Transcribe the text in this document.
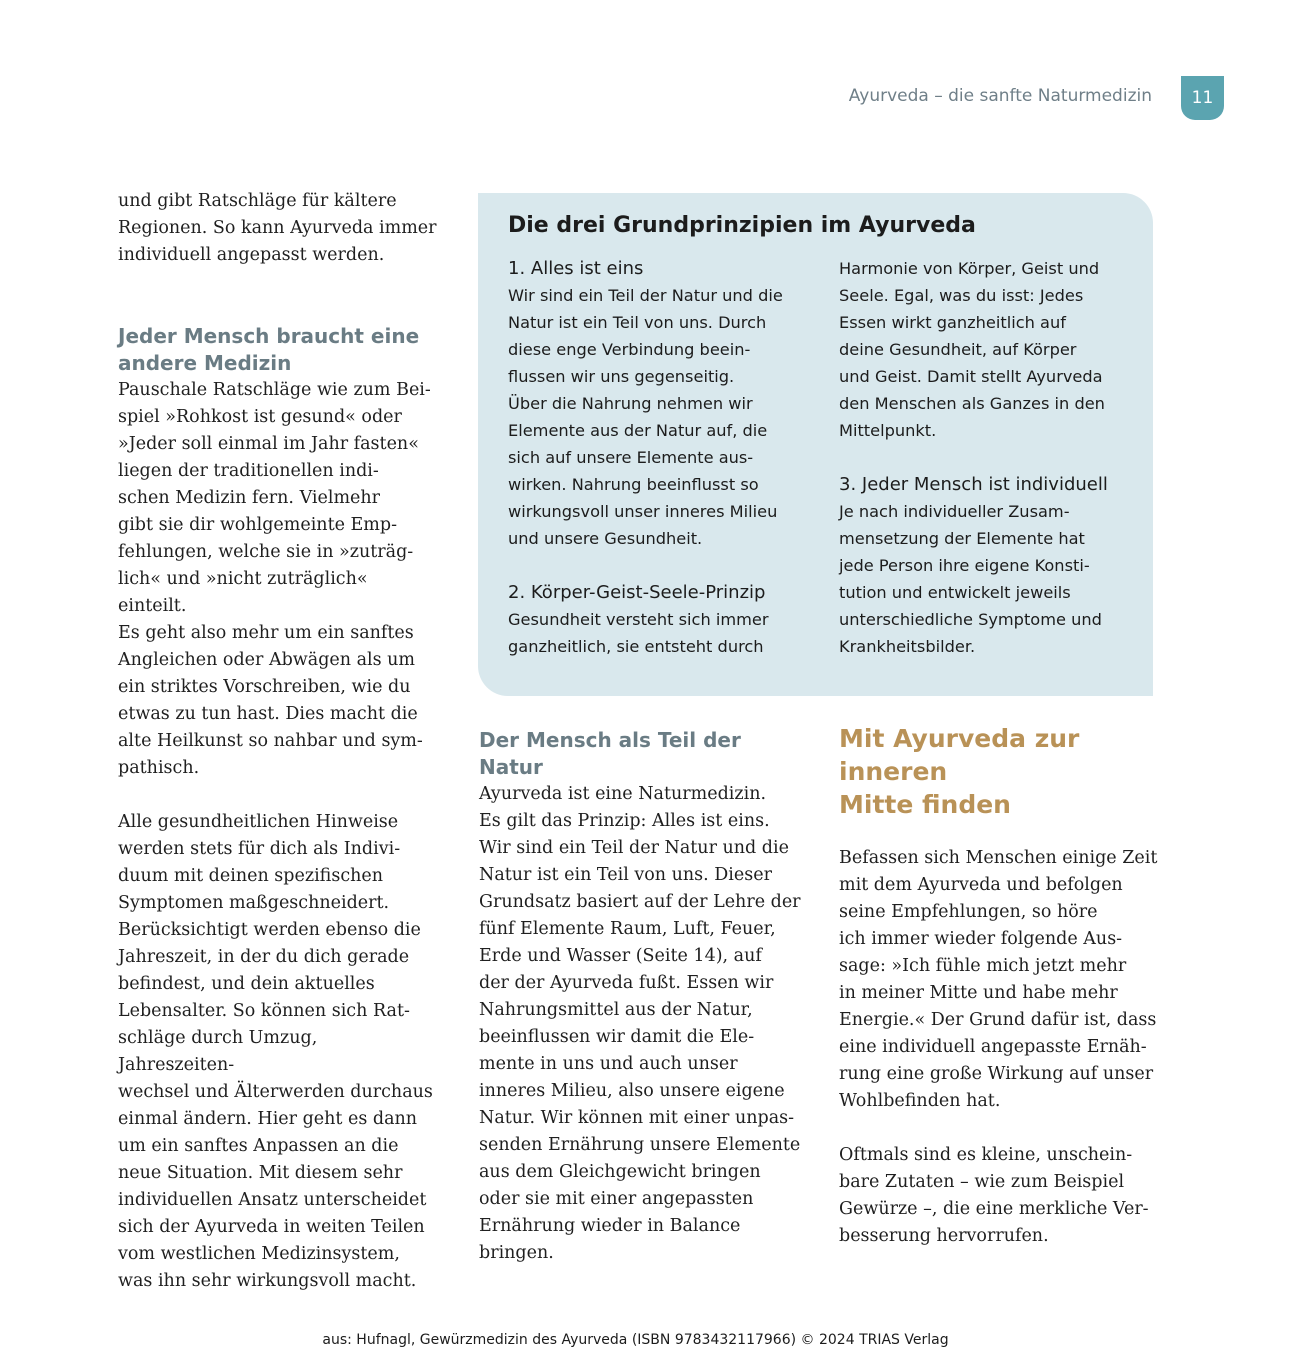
Ayurveda – die sanfte Naturmedizin	11

und gibt Ratschläge für kältere
Regionen. So kann Ayurveda immer
individuell angepasst werden.

Jeder Mensch braucht eine
andere Medizin

Pauschale Ratschläge wie zum Bei-
spiel »Rohkost ist gesund« oder
»Jeder soll einmal im Jahr fasten«
liegen der traditionellen indi-
schen Medizin fern. Vielmehr
gibt sie dir wohlgemeinte Emp-
fehlungen, welche sie in »zuträg-
lich« und »nicht zuträglich« einteilt.
Es geht also mehr um ein sanftes
Angleichen oder Abwägen als um
ein striktes Vorschreiben, wie du
etwas zu tun hast. Dies macht die
alte Heilkunst so nahbar und sym-
pathisch.

Alle gesundheitlichen Hinweise
werden stets für dich als Indivi-
duum mit deinen spezifischen
Symptomen maßgeschneidert.
Berücksichtigt werden ebenso die
Jahreszeit, in der du dich gerade
befindest, und dein aktuelles
Lebensalter. So können sich Rat-
schläge durch Umzug, Jahreszeiten-
wechsel und Älterwerden durchaus
einmal ändern. Hier geht es dann
um ein sanftes Anpassen an die
neue Situation. Mit diesem sehr
individuellen Ansatz unterscheidet
sich der Ayurveda in weiten Teilen
vom westlichen Medizinsystem,
was ihn sehr wirkungsvoll macht.

Die drei Grundprinzipien im Ayurveda

1. Alles ist eins

Wir sind ein Teil der Natur und die
Natur ist ein Teil von uns. Durch
diese enge Verbindung beein-
flussen wir uns gegenseitig.
Über die Nahrung nehmen wir
Elemente aus der Natur auf, die
sich auf unsere Elemente aus-
wirken. Nahrung beeinflusst so
wirkungsvoll unser inneres Milieu
und unsere Gesundheit.

2. Körper-Geist-Seele-Prinzip

Gesundheit versteht sich immer
ganzheitlich, sie entsteht durch

Harmonie von Körper, Geist und
Seele. Egal, was du isst: Jedes
Essen wirkt ganzheitlich auf
deine Gesundheit, auf Körper
und Geist. Damit stellt Ayurveda
den Menschen als Ganzes in den
Mittelpunkt.

3. Jeder Mensch ist individuell

Je nach individueller Zusam-
mensetzung der Elemente hat
jede Person ihre eigene Konsti-
tution und entwickelt jeweils
unterschiedliche Symptome und
Krankheitsbilder.

Der Mensch als Teil der Natur

Ayurveda ist eine Naturmedizin.
Es gilt das Prinzip: Alles ist eins.
Wir sind ein Teil der Natur und die
Natur ist ein Teil von uns. Dieser
Grundsatz basiert auf der Lehre der
fünf Elemente Raum, Luft, Feuer,
Erde und Wasser (Seite 14), auf
der der Ayurveda fußt. Essen wir
Nahrungsmittel aus der Natur,
beeinflussen wir damit die Ele-
mente in uns und auch unser
inneres Milieu, also unsere eigene
Natur. Wir können mit einer unpas-
senden Ernährung unsere Elemente
aus dem Gleichgewicht bringen
oder sie mit einer angepassten
Ernährung wieder in Balance
bringen.

Mit Ayurveda zur inneren
Mitte finden

Befassen sich Menschen einige Zeit
mit dem Ayurveda und befolgen
seine Empfehlungen, so höre
ich immer wieder folgende Aus-
sage: »Ich fühle mich jetzt mehr
in meiner Mitte und habe mehr
Energie.« Der Grund dafür ist, dass
eine individuell angepasste Ernäh-
rung eine große Wirkung auf unser
Wohlbefinden hat.

Oftmals sind es kleine, unschein-
bare Zutaten – wie zum Beispiel
Gewürze –, die eine merkliche Ver-
besserung hervorrufen.

aus: Hufnagl, Gewürzmedizin des Ayurveda (ISBN 9783432117966) © 2024 TRIAS Verlag
